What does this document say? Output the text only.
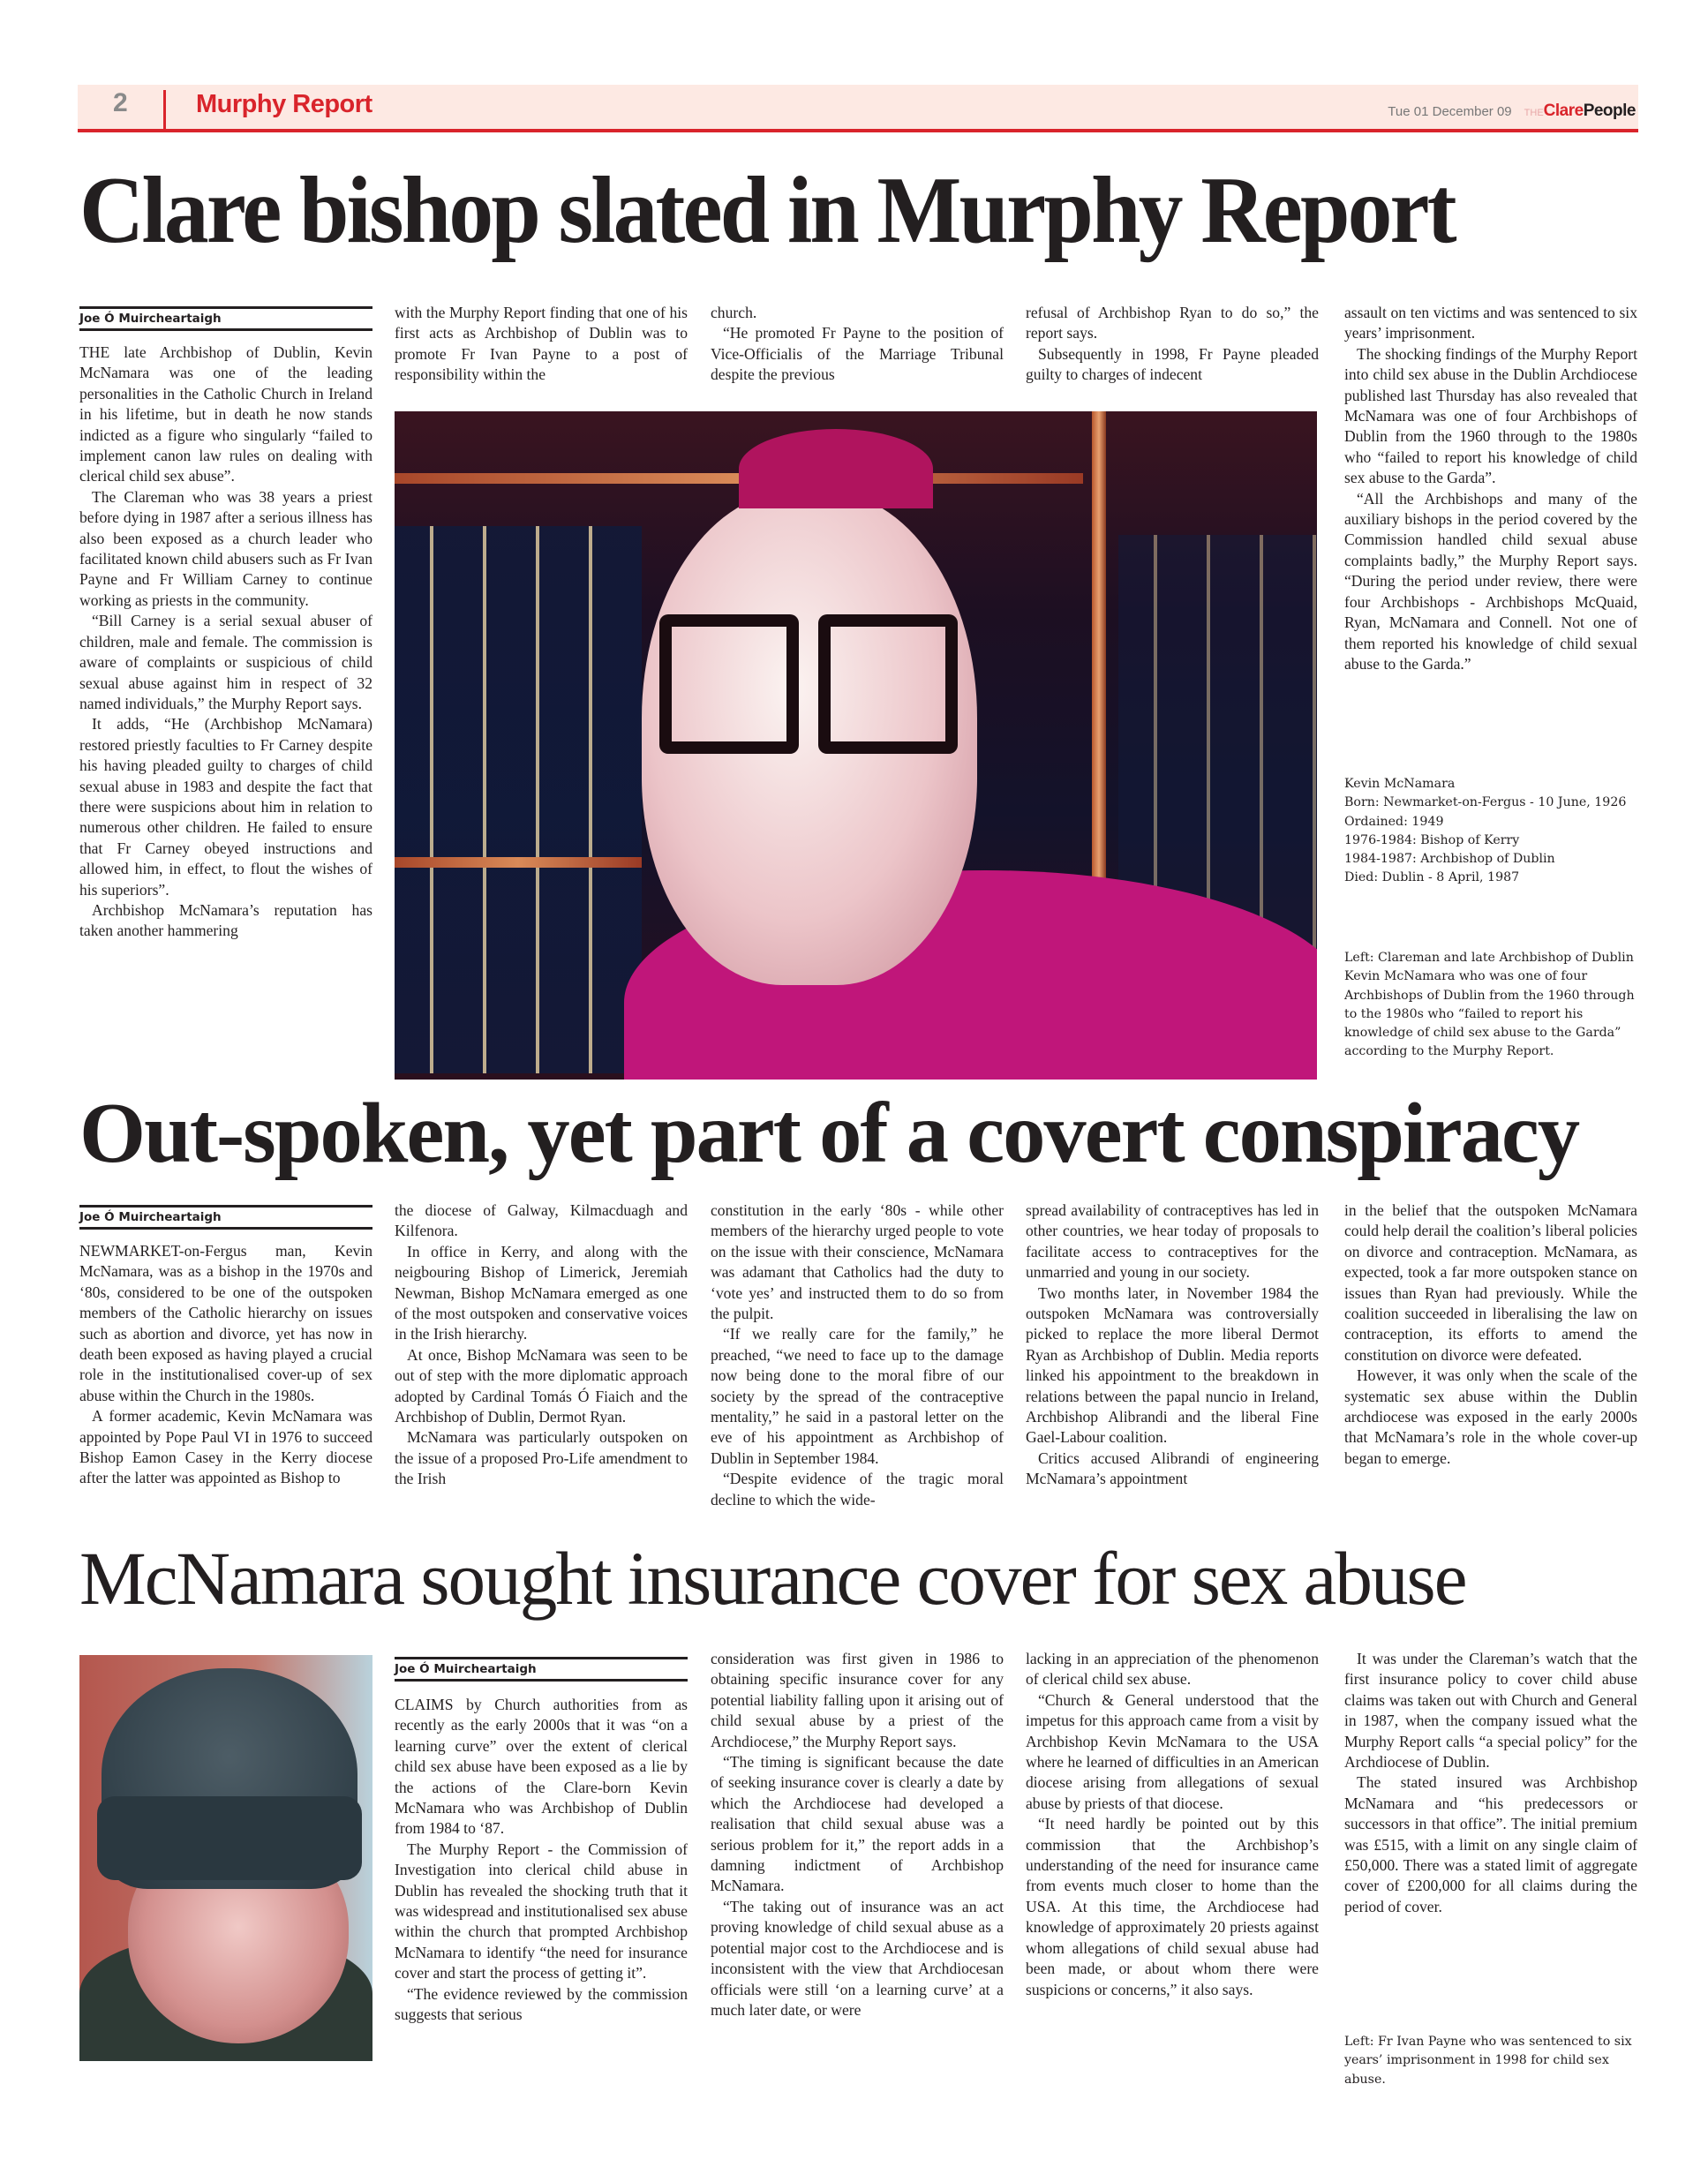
2	Murphy Report	Tue 01 December 09 THEClarePeople
Clare bishop slated in Murphy Report
Joe Ó Muircheartaigh

THE late Archbishop of Dublin, Kevin McNamara was one of the leading personalities in the Catholic Church in Ireland in his lifetime, but in death he now stands indicted as a figure who singularly “failed to implement canon law rules on dealing with clerical child sex abuse”.

The Clareman who was 38 years a priest before dying in 1987 after a serious illness has also been exposed as a church leader who facilitated known child abusers such as Fr Ivan Payne and Fr William Carney to continue working as priests in the community.

“Bill Carney is a serial sexual abuser of children, male and female. The commission is aware of complaints or suspicious of child sexual abuse against him in respect of 32 named individuals,” the Murphy Report says.

It adds, “He (Archbishop McNamara) restored priestly faculties to Fr Carney despite his having pleaded guilty to charges of child sexual abuse in 1983 and despite the fact that there were suspicions about him in relation to numerous other children. He failed to ensure that Fr Carney obeyed instructions and allowed him, in effect, to flout the wishes of his superiors”.

Archbishop McNamara’s reputation has taken another hammering

with the Murphy Report finding that one of his first acts as Archbishop of Dublin was to promote Fr Ivan Payne to a post of responsibility within the

church.

“He promoted Fr Payne to the position of Vice-Officialis of the Marriage Tribunal despite the previous

refusal of Archbishop Ryan to do so,” the report says.

Subsequently in 1998, Fr Payne pleaded guilty to charges of indecent

assault on ten victims and was sentenced to six years’ imprisonment.

The shocking findings of the Murphy Report into child sex abuse in the Dublin Archdiocese published last Thursday has also revealed that McNamara was one of four Archbishops of Dublin from the 1960 through to the 1980s who “failed to report his knowledge of child sex abuse to the Garda”.

“All the Archbishops and many of the auxiliary bishops in the period covered by the Commission handled child sexual abuse complaints badly,” the Murphy Report says. “During the period under review, there were four Archbishops - Archbishops McQuaid, Ryan, McNamara and Connell. Not one of them reported his knowledge of child sexual abuse to the Garda.”

Kevin McNamara
Born: Newmarket-on-Fergus - 10 June, 1926
Ordained: 1949
1976-1984: Bishop of Kerry
1984-1987: Archbishop of Dublin
Died: Dublin - 8 April, 1987
Left: Clareman and late Archbishop of Dublin Kevin McNamara who was one of four Archbishops of Dublin from the 1960 through to the 1980s who “failed to report his knowledge of child sex abuse to the Garda” according to the Murphy Report.
Out-spoken, yet part of a covert conspiracy
Joe Ó Muircheartaigh

NEWMARKET-on-Fergus man, Kevin McNamara, was as a bishop in the 1970s and ‘80s, considered to be one of the outspoken members of the Catholic hierarchy on issues such as abortion and divorce, yet has now in death been exposed as having played a crucial role in the institutionalised cover-up of sex abuse within the Church in the 1980s.

A former academic, Kevin McNamara was appointed by Pope Paul VI in 1976 to succeed Bishop Eamon Casey in the Kerry diocese after the latter was appointed as Bishop to

the diocese of Galway, Kilmacduagh and Kilfenora.

In office in Kerry, and along with the neigbouring Bishop of Limerick, Jeremiah Newman, Bishop McNamara emerged as one of the most outspoken and conservative voices in the Irish hierarchy.

At once, Bishop McNamara was seen to be out of step with the more diplomatic approach adopted by Cardinal Tomás Ó Fiaich and the Archbishop of Dublin, Dermot Ryan.

McNamara was particularly outspoken on the issue of a proposed Pro-Life amendment to the Irish

constitution in the early ‘80s - while other members of the hierarchy urged people to vote on the issue with their conscience, McNamara was adamant that Catholics had the duty to ‘vote yes’ and instructed them to do so from the pulpit.

“If we really care for the family,” he preached, “we need to face up to the damage now being done to the moral fibre of our society by the spread of the contraceptive mentality,” he said in a pastoral letter on the eve of his appointment as Archbishop of Dublin in September 1984.

“Despite evidence of the tragic moral decline to which the wide-

spread availability of contraceptives has led in other countries, we hear today of proposals to facilitate access to contraceptives for the unmarried and young in our society.

Two months later, in November 1984 the outspoken McNamara was controversially picked to replace the more liberal Dermot Ryan as Archbishop of Dublin. Media reports linked his appointment to the breakdown in relations between the papal nuncio in Ireland, Archbishop Alibrandi and the liberal Fine Gael-Labour coalition.

Critics accused Alibrandi of engineering McNamara’s appointment

in the belief that the outspoken McNamara could help derail the coalition’s liberal policies on divorce and contraception. McNamara, as expected, took a far more outspoken stance on issues than Ryan had previously. While the coalition succeeded in liberalising the law on contraception, its efforts to amend the constitution on divorce were defeated.

However, it was only when the scale of the systematic sex abuse within the Dublin archdiocese was exposed in the early 2000s that McNamara’s role in the whole cover-up began to emerge.

McNamara sought insurance cover for sex abuse
Joe Ó Muircheartaigh

CLAIMS by Church authorities from as recently as the early 2000s that it was “on a learning curve” over the extent of clerical child sex abuse have been exposed as a lie by the actions of the Clare-born Kevin McNamara who was Archbishop of Dublin from 1984 to ‘87.

The Murphy Report - the Commission of Investigation into clerical child abuse in Dublin has revealed the shocking truth that it was widespread and institutionalised sex abuse within the church that prompted Archbishop McNamara to identify “the need for insurance cover and start the process of getting it”.

“The evidence reviewed by the commission suggests that serious

consideration was first given in 1986 to obtaining specific insurance cover for any potential liability falling upon it arising out of child sexual abuse by a priest of the Archdiocese,” the Murphy Report says.

“The timing is significant because the date of seeking insurance cover is clearly a date by which the Archdiocese had developed a realisation that child sexual abuse was a serious problem for it,” the report adds in a damning indictment of Archbishop McNamara.

“The taking out of insurance was an act proving knowledge of child sexual abuse as a potential major cost to the Archdiocese and is inconsistent with the view that Archdiocesan officials were still ‘on a learning curve’ at a much later date, or were

lacking in an appreciation of the phenomenon of clerical child sex abuse.

“Church & General understood that the impetus for this approach came from a visit by Archbishop Kevin McNamara to the USA where he learned of difficulties in an American diocese arising from allegations of sexual abuse by priests of that diocese.

“It need hardly be pointed out by this commission that the Archbishop’s understanding of the need for insurance came from events much closer to home than the USA. At this time, the Archdiocese had knowledge of approximately 20 priests against whom allegations of child sexual abuse had been made, or about whom there were suspicions or concerns,” it also says.

It was under the Clareman’s watch that the first insurance policy to cover child abuse claims was taken out with Church and General in 1987, when the company issued what the Murphy Report calls “a special policy” for the Archdiocese of Dublin.

The stated insured was Archbishop McNamara and “his predecessors or successors in that office”. The initial premium was £515, with a limit on any single claim of £50,000. There was a stated limit of aggregate cover of £200,000 for all claims during the period of cover.

Left: Fr Ivan Payne who was sentenced to six years’ imprisonment in 1998 for child sex abuse.
